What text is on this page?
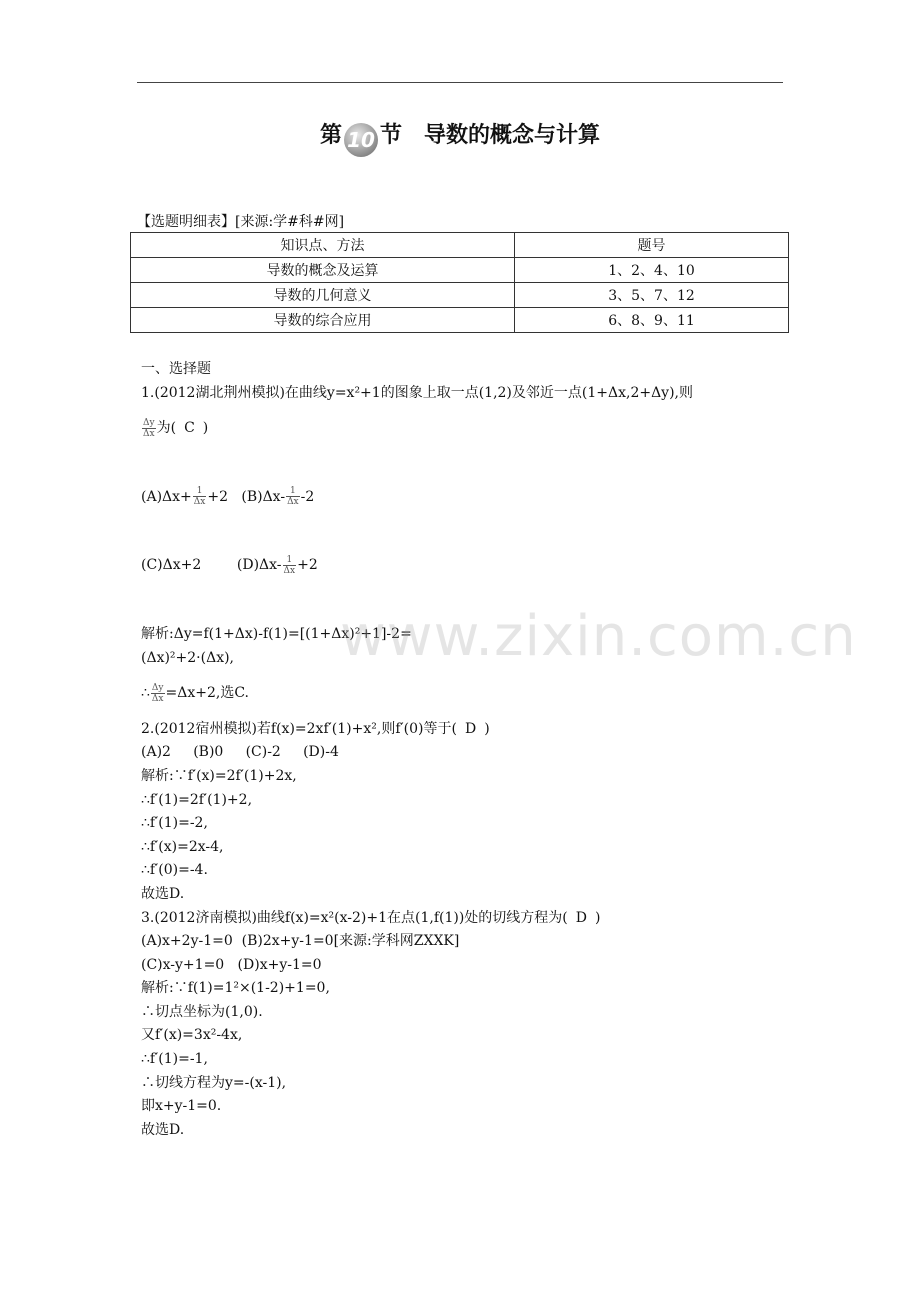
第 10 节 导数的概念与计算
【选题明细表】[来源:学#科#网]
知识点、方法	题号
导数的概念及运算	1、2、4、10
导数的几何意义	3、5、7、12
导数的综合应用	6、8、9、11
一、选择题
1.(2012湖北荆州模拟)在曲线y=x²+1的图象上取一点(1,2)及邻近一点(1+Δx,2+Δy),则
$\frac{\Delta y}{\Delta x}$ 为( C )
$(A)\Delta x+ \frac{1}{\Delta x} +2$ $(B)\Delta x- \frac{1}{\Delta x} -2$
(C)Δx+2	$(D)\Delta x- \frac{1}{\Delta x} +2$
解析:Δy=f(1+Δx)-f(1)=[(1+Δx)²+1]-2=
(Δx)²+2·(Δx),
∴ $\frac{\Delta y}{\Delta x} =\Delta x+2$,选C.
2.(2012宿州模拟)若f(x)=2xf′(1)+x²,则f′(0)等于( D )
(A)2     (B)0     (C)-2     (D)-4
解析:∵f′(x)=2f′(1)+2x,
∴f′(1)=2f′(1)+2,
∴f′(1)=-2,
∴f′(x)=2x-4,
∴f′(0)=-4.
故选D.
3.(2012济南模拟)曲线f(x)=x²(x-2)+1在点(1,f(1))处的切线方程为( D )
(A)x+2y-1=0  (B)2x+y-1=0[来源:学科网ZXXK]
(C)x-y+1=0   (D)x+y-1=0
解析:∵f(1)=1²×(1-2)+1=0,
∴切点坐标为(1,0).
又f′(x)=3x²-4x,
∴f′(1)=-1,
∴切线方程为y=-(x-1),
即x+y-1=0.
故选D.
www.zixin.com.cn
